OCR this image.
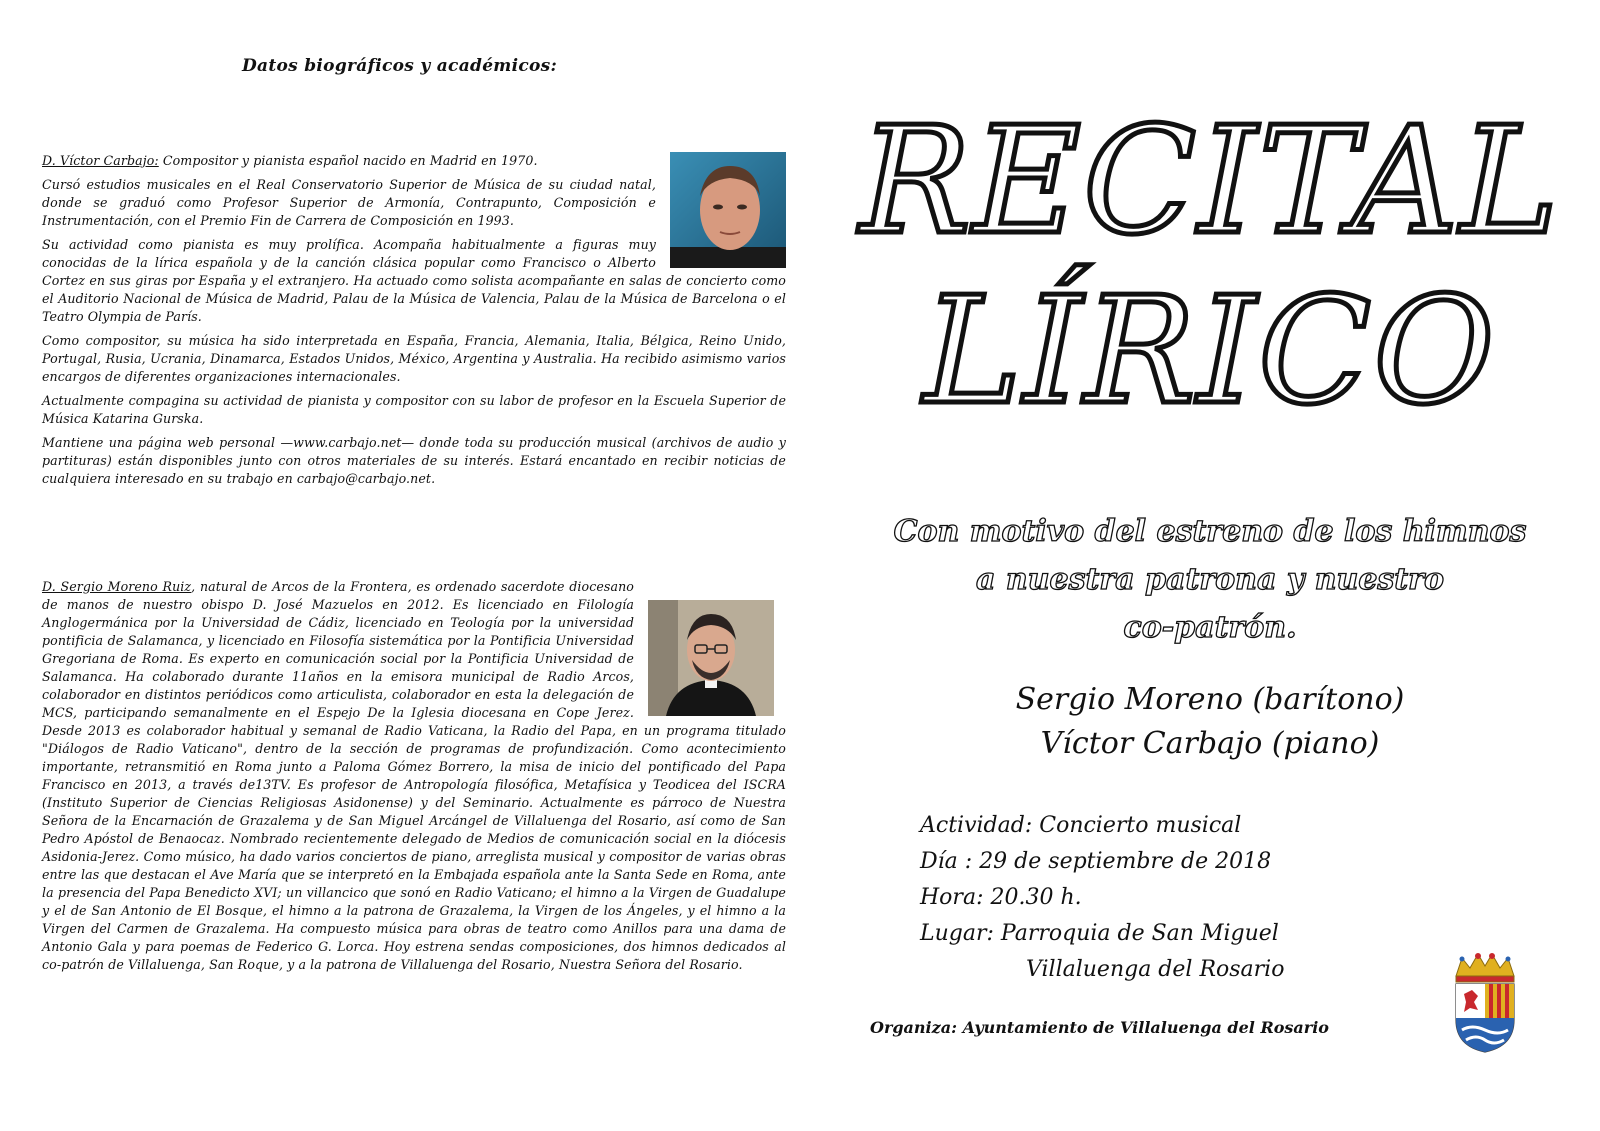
Datos biográficos y académicos:

D. Víctor Carbajo: Compositor y pianista español nacido en Madrid en 1970.

Cursó estudios musicales en el Real Conservatorio Superior de Música de su ciudad natal, donde se graduó como Profesor Superior de Armonía, Contrapunto, Composición e Instrumentación, con el Premio Fin de Carrera de Composición en 1993.

Su actividad como pianista es muy prolífica. Acompaña habitualmente a figuras muy conocidas de la lírica española y de la canción clásica popular como Francisco o Alberto Cortez en sus giras por España y el extranjero. Ha actuado como solista acompañante en salas de concierto como el Auditorio Nacional de Música de Madrid, Palau de la Música de Valencia, Palau de la Música de Barcelona o el Teatro Olympia de París.

Como compositor, su música ha sido interpretada en España, Francia, Alemania, Italia, Bélgica, Reino Unido, Portugal, Rusia, Ucrania, Dinamarca, Estados Unidos, México, Argentina y Australia. Ha recibido asimismo varios encargos de diferentes organizaciones internacionales.

Actualmente compagina su actividad de pianista y compositor con su labor de profesor en la Escuela Superior de Música Katarina Gurska.

Mantiene una página web personal —www.carbajo.net— donde toda su producción musical (archivos de audio y partituras) están disponibles junto con otros materiales de su interés. Estará encantado en recibir noticias de cualquiera interesado en su trabajo en carbajo@carbajo.net.

D. Sergio Moreno Ruiz, natural de Arcos de la Frontera, es ordenado sacerdote diocesano de manos de nuestro obispo D. José Mazuelos en 2012. Es licenciado en Filología Anglogermánica por la Universidad de Cádiz, licenciado en Teología por la universidad pontificia de Salamanca, y licenciado en Filosofía sistemática por la Pontificia Universidad Gregoriana de Roma. Es experto en comunicación social por la Pontificia Universidad de Salamanca. Ha colaborado durante 11años en la emisora municipal de Radio Arcos, colaborador en distintos periódicos como articulista, colaborador en esta la delegación de MCS, participando semanalmente en el Espejo De la Iglesia diocesana en Cope Jerez. Desde 2013 es colaborador habitual y semanal de Radio Vaticana, la Radio del Papa, en un programa titulado "Diálogos de Radio Vaticano", dentro de la sección de programas de profundización. Como acontecimiento importante, retransmitió en Roma junto a Paloma Gómez Borrero, la misa de inicio del pontificado del Papa Francisco en 2013, a través de13TV. Es profesor de Antropología filosófica, Metafísica y Teodicea del ISCRA (Instituto Superior de Ciencias Religiosas Asidonense) y del Seminario. Actualmente es párroco de Nuestra Señora de la Encarnación de Grazalema y de San Miguel Arcángel de Villaluenga del Rosario, así como de San Pedro Apóstol de Benaocaz. Nombrado recientemente delegado de Medios de comunicación social en la diócesis Asidonia-Jerez. Como músico, ha dado varios conciertos de piano, arreglista musical y compositor de varias obras entre las que destacan el Ave María que se interpretó en la Embajada española ante la Santa Sede en Roma, ante la presencia del Papa Benedicto XVI; un villancico que sonó en Radio Vaticano; el himno a la Virgen de Guadalupe y el de San Antonio de El Bosque, el himno a la patrona de Grazalema, la Virgen de los Ángeles, y el himno a la Virgen del Carmen de Grazalema. Ha compuesto música para obras de teatro como Anillos para una dama de Antonio Gala y para poemas de Federico G. Lorca. Hoy estrena sendas composiciones, dos himnos dedicados al co-patrón de Villaluenga, San Roque, y a la patrona de Villaluenga del Rosario, Nuestra Señora del Rosario.

RECITAL
LÍRICO
Con motivo del estreno de los himnos
a nuestra patrona y nuestro
co-patrón.
Sergio Moreno (barítono)
Víctor Carbajo (piano)
Actividad: Concierto musical
Día : 29 de septiembre de 2018
Hora: 20.30 h.
Lugar: Parroquia de San Miguel
Villaluenga del Rosario
Organiza: Ayuntamiento de Villaluenga del Rosario
